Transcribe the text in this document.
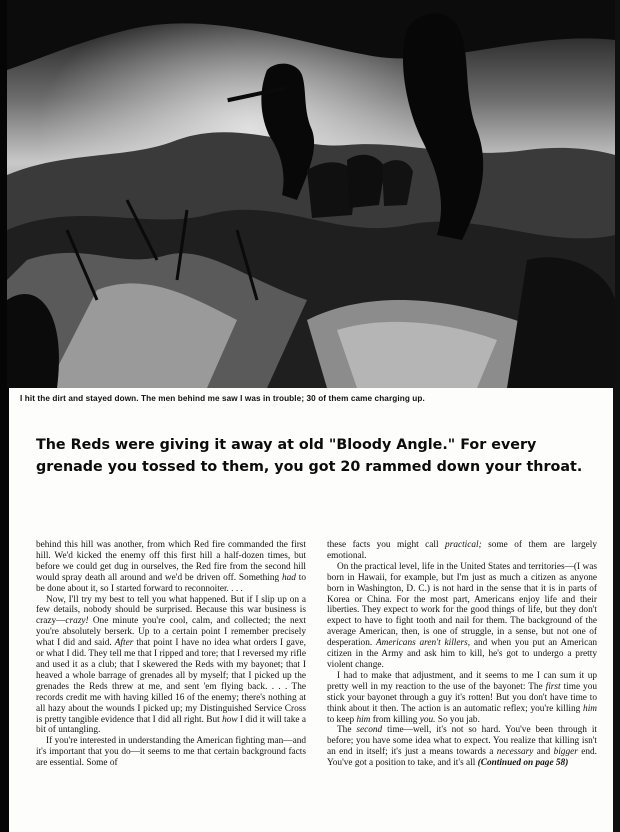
I hit the dirt and stayed down. The men behind me saw I was in trouble; 30 of them came charging up.
The Reds were giving it away at old "Bloody Angle." For every
grenade you tossed to them, you got 20 rammed down your throat.

behind this hill was another, from which Red fire commanded the first hill. We'd kicked the enemy off this first hill a half-dozen times, but before we could get dug in ourselves, the Red fire from the second hill would spray death all around and we'd be driven off. Something had to be done about it, so I started forward to reconnoiter. . . .

Now, I'll try my best to tell you what happened. But if I slip up on a few details, nobody should be surprised. Because this war business is crazy—crazy! One minute you're cool, calm, and collected; the next you're absolutely berserk. Up to a certain point I remember precisely what I did and said. After that point I have no idea what orders I gave, or what I did. They tell me that I ripped and tore; that I reversed my rifle and used it as a club; that I skewered the Reds with my bayonet; that I heaved a whole barrage of grenades all by myself; that I picked up the grenades the Reds threw at me, and sent 'em flying back. . . . The records credit me with having killed 16 of the enemy; there's nothing at all hazy about the wounds I picked up; my Distinguished Service Cross is pretty tangible evidence that I did all right. But how I did it will take a bit of untangling.

If you're interested in understanding the American fighting man—and it's important that you do—it seems to me that certain background facts are essential. Some of

these facts you might call practical; some of them are largely emotional.

On the practical level, life in the United States and territories—(I was born in Hawaii, for example, but I'm just as much a citizen as anyone born in Washington, D. C.) is not hard in the sense that it is in parts of Korea or China. For the most part, Americans enjoy life and their liberties. They expect to work for the good things of life, but they don't expect to have to fight tooth and nail for them. The background of the average American, then, is one of struggle, in a sense, but not one of desperation. Americans aren't killers, and when you put an American citizen in the Army and ask him to kill, he's got to undergo a pretty violent change.

I had to make that adjustment, and it seems to me I can sum it up pretty well in my reaction to the use of the bayonet: The first time you stick your bayonet through a guy it's rotten! But you don't have time to think about it then. The action is an automatic reflex; you're killing him to keep him from killing you. So you jab.

The second time—well, it's not so hard. You've been through it before; you have some idea what to expect. You realize that killing isn't an end in itself; it's just a means towards a necessary and bigger end. You've got a position to take, and it's all (Continued on page 58)
